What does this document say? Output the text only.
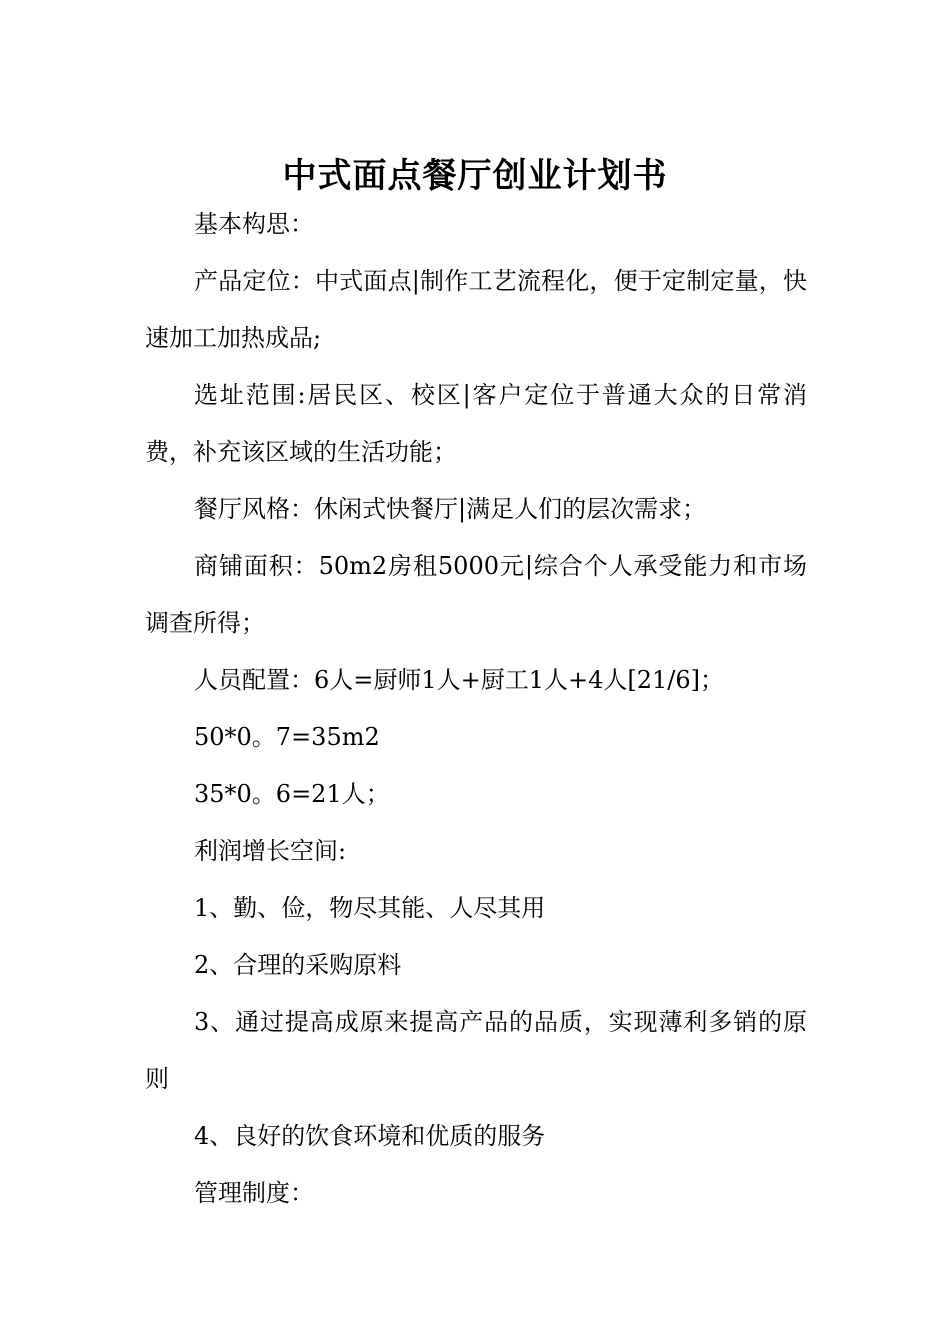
中式面点餐厅创业计划书

基本构思：

产品定位：中式面点|制作工艺流程化，便于定制定量，快速加工加热成品;

选址范围:居民区、校区|客户定位于普通大众的日常消费，补充该区域的生活功能；

餐厅风格：休闲式快餐厅|满足人们的层次需求；

商铺面积：50m2房租5000元|综合个人承受能力和市场调查所得；

人员配置：6人=厨师1人+厨工1人+4人[21/6]；

50*0。7=35m2

35*0。6=21人；

利润增长空间:

1、勤、俭，物尽其能、人尽其用

2、合理的采购原料

3、通过提高成原来提高产品的品质，实现薄利多销的原则

4、良好的饮食环境和优质的服务

管理制度：
